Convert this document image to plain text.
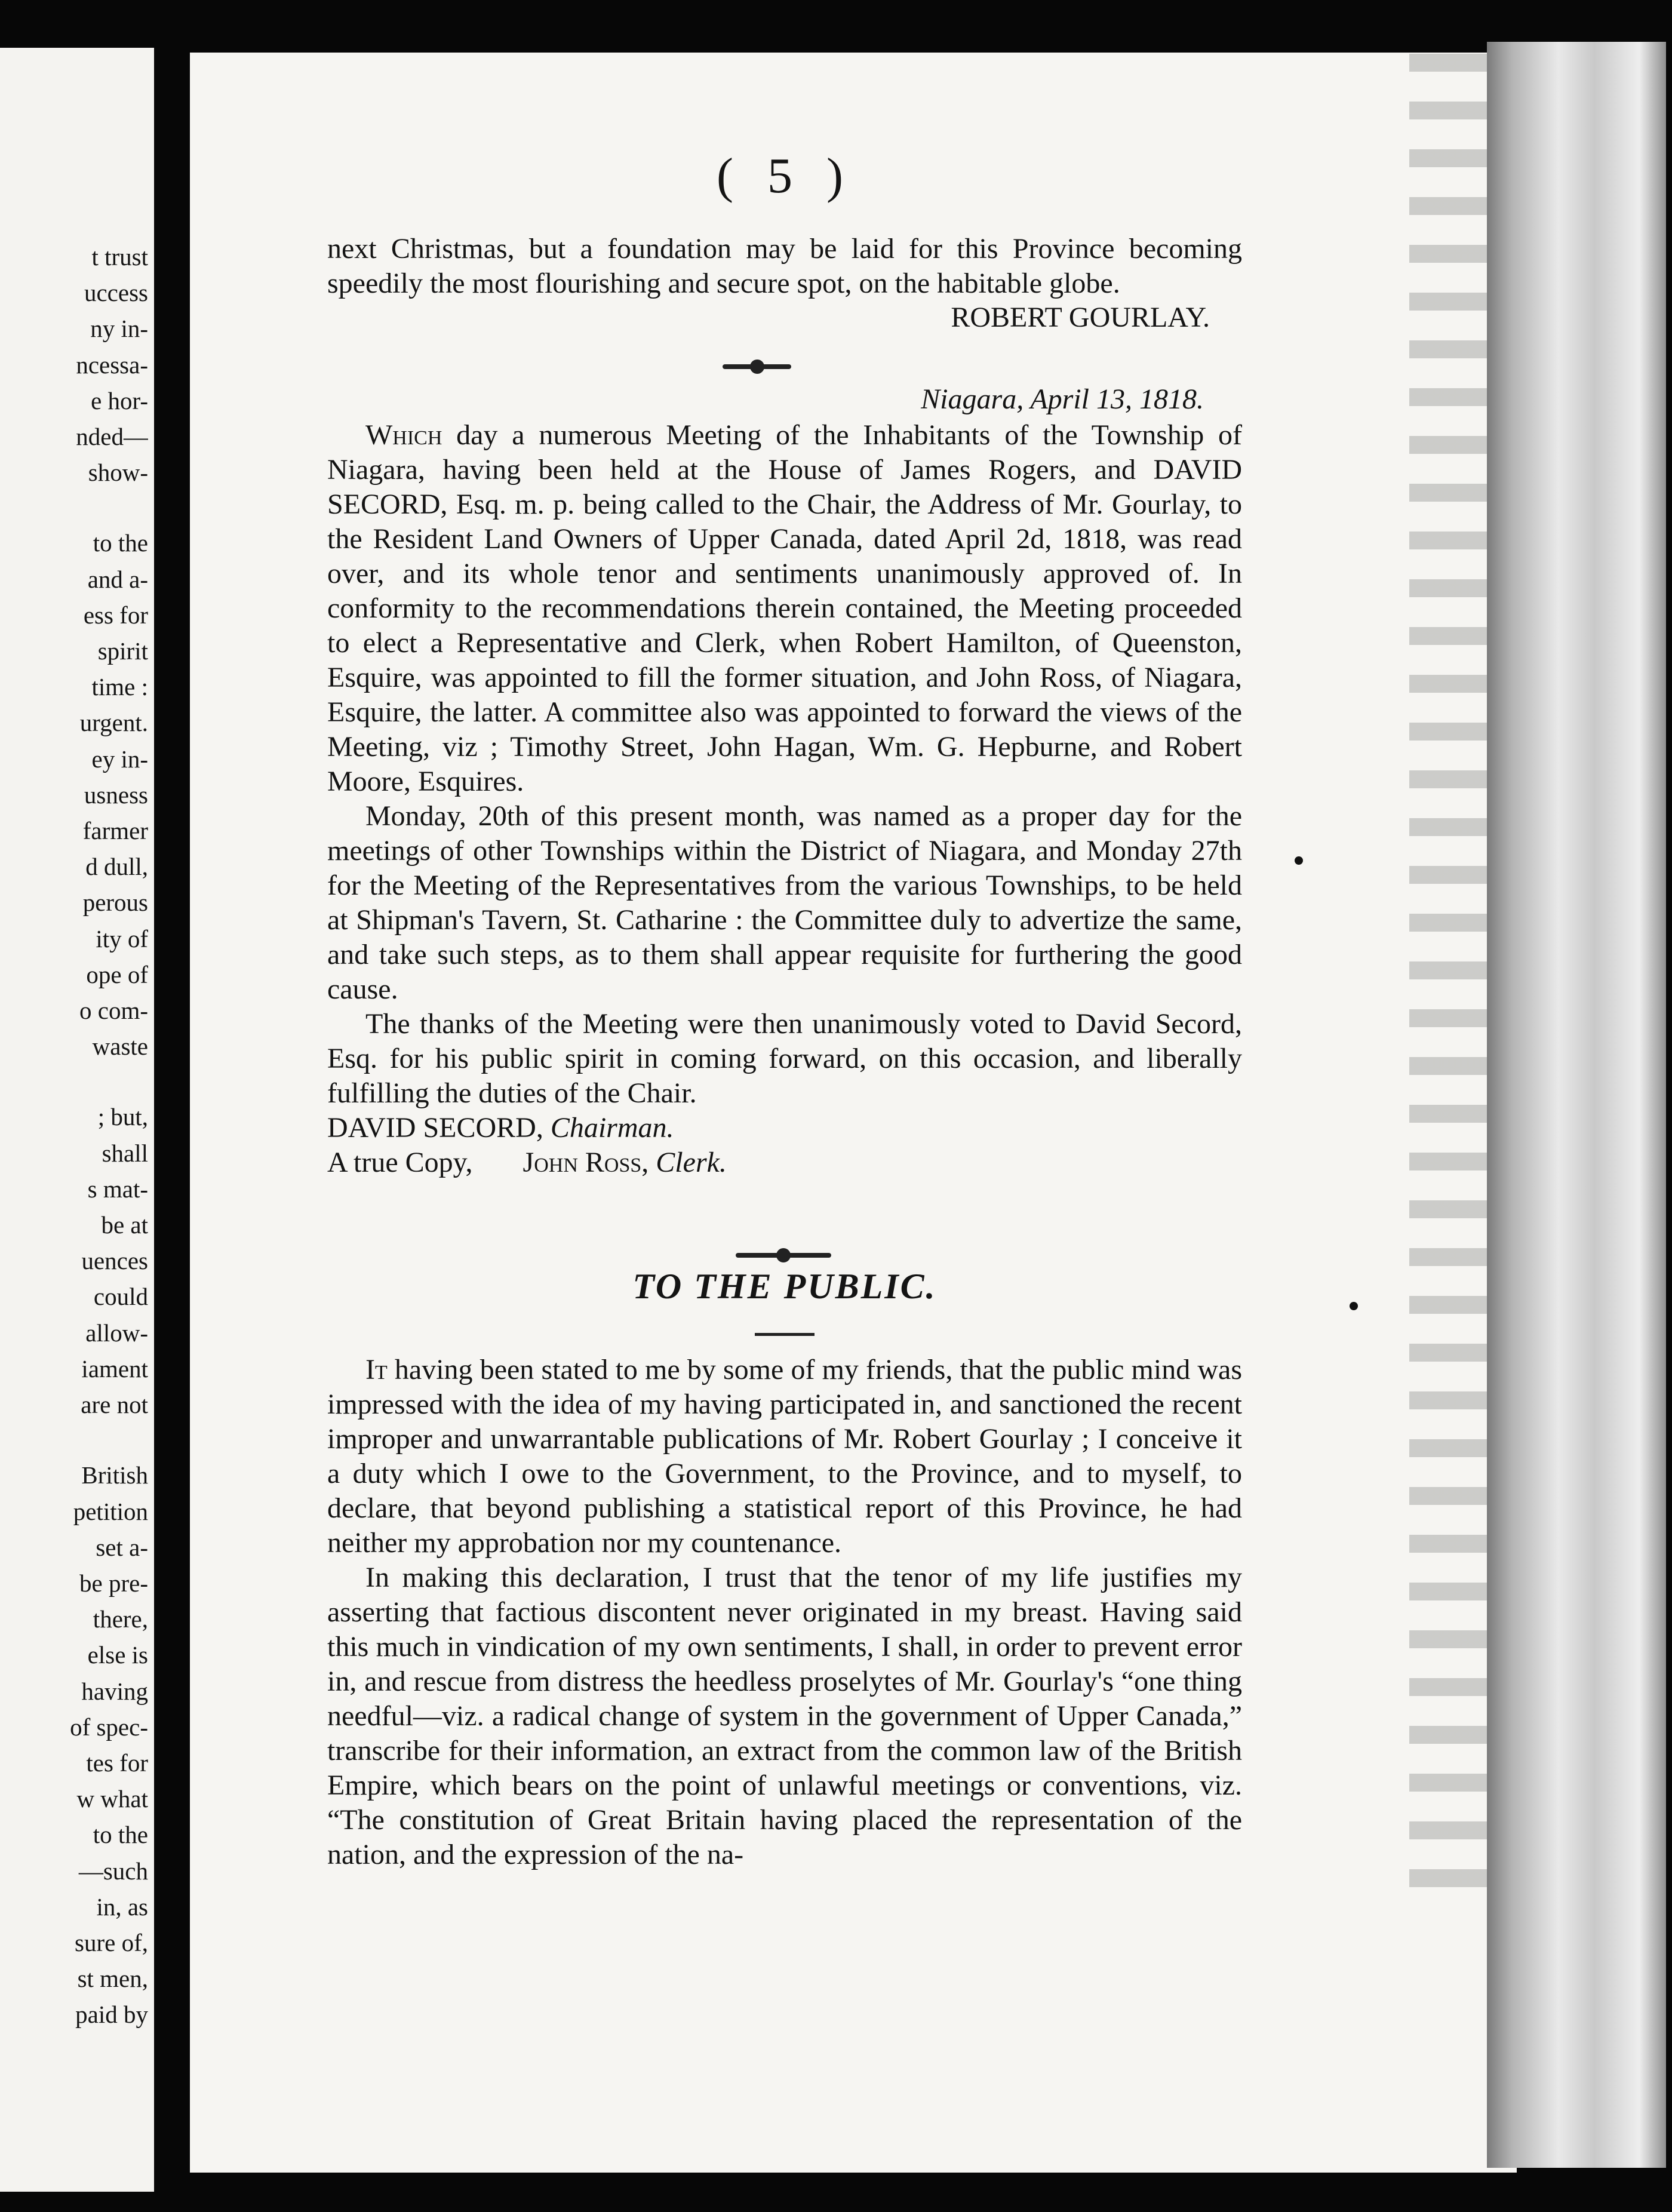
t trust
uccess
ny in-
ncessa-
e hor-
nded—
show-
to the
and a-
ess for
spirit
time :
urgent.
ey in-
usness
farmer
d dull,
perous
ity of
ope of
o com-
waste
; but,
shall
s mat-
be at
uences
could
allow-
iament
are not
British
petition
set a-
be pre-
there,
else is
having
of spec-
tes for
w what
to the
—such
in, as
sure of,
st men,
paid by
( 5 )

next Christmas, but a foundation may be laid for this Province becoming speedily the most flourishing and secure spot, on the habitable globe.

ROBERT GOURLAY.
Niagara, April 13, 1818.

Which day a numerous Meeting of the Inhabitants of the Township of Niagara, having been held at the House of James Rogers, and DAVID SECORD, Esq. m. p. being called to the Chair, the Address of Mr. Gourlay, to the Resident Land Owners of Upper Canada, dated April 2d, 1818, was read over, and its whole tenor and sentiments unanimously approved of. In conformity to the recommendations therein contained, the Meeting proceeded to elect a Representative and Clerk, when Robert Hamilton, of Queenston, Esquire, was appointed to fill the former situation, and John Ross, of Niagara, Esquire, the latter. A committee also was appointed to forward the views of the Meeting, viz ; Timothy Street, John Hagan, Wm. G. Hepburne, and Robert Moore, Esquires.

Monday, 20th of this present month, was named as a proper day for the meetings of other Townships within the District of Niagara, and Monday 27th for the Meeting of the Representatives from the various Townships, to be held at Shipman's Tavern, St. Catharine : the Committee duly to advertize the same, and take such steps, as to them shall appear requisite for furthering the good cause.

The thanks of the Meeting were then unanimously voted to David Secord, Esq. for his public spirit in coming forward, on this occasion, and liberally fulfilling the duties of the Chair.

DAVID SECORD, Chairman.

A true Copy, John Ross, Clerk.

TO THE PUBLIC.

It having been stated to me by some of my friends, that the public mind was impressed with the idea of my having participated in, and sanctioned the recent improper and unwarrantable publications of Mr. Robert Gourlay ; I conceive it a duty which I owe to the Government, to the Province, and to myself, to declare, that beyond publishing a statistical report of this Province, he had neither my approbation nor my countenance.

In making this declaration, I trust that the tenor of my life justifies my asserting that factious discontent never originated in my breast. Having said this much in vindication of my own sentiments, I shall, in order to prevent error in, and rescue from distress the heedless proselytes of Mr. Gourlay's “one thing needful—viz. a radical change of system in the government of Upper Canada,” transcribe for their information, an extract from the common law of the British Empire, which bears on the point of unlawful meetings or conventions, viz. “The constitution of Great Britain having placed the representation of the nation, and the expression of the na-
